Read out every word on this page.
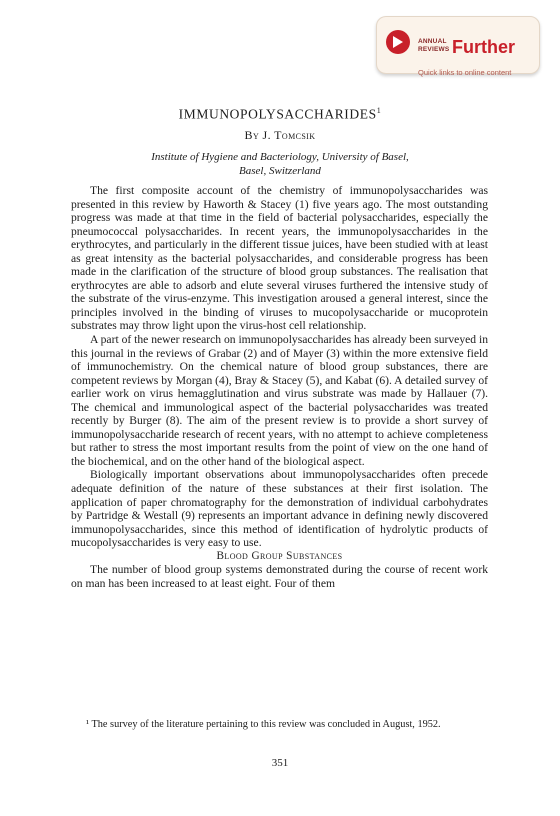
ANNUAL
REVIEWS Further
Quick links to online content
IMMUNOPOLYSACCHARIDES$^1$
By J. Tomcsik
Institute of Hygiene and Bacteriology, University of Basel,
Basel, Switzerland

The first composite account of the chemistry of immunopolysaccharides was presented in this review by Haworth & Stacey (1) five years ago. The most outstanding progress was made at that time in the field of bacterial polysaccharides, especially the pneumococcal polysaccharides. In recent years, the immunopolysaccharides in the erythrocytes, and particularly in the different tissue juices, have been studied with at least as great intensity as the bacterial polysaccharides, and considerable progress has been made in the clarification of the structure of blood group substances. The realisation that erythrocytes are able to adsorb and elute several viruses furthered the intensive study of the substrate of the virus-enzyme. This investigation aroused a general interest, since the principles involved in the binding of viruses to mucopolysaccharide or mucoprotein substrates may throw light upon the virus-host cell relationship.

A part of the newer research on immunopolysaccharides has already been surveyed in this journal in the reviews of Grabar (2) and of Mayer (3) within the more extensive field of immunochemistry. On the chemical nature of blood group substances, there are competent reviews by Morgan (4), Bray & Stacey (5), and Kabat (6). A detailed survey of earlier work on virus hemagglutination and virus substrate was made by Hallauer (7). The chemical and immunological aspect of the bacterial polysaccharides was treated recently by Burger (8). The aim of the present review is to provide a short survey of immunopolysaccharide research of recent years, with no attempt to achieve completeness but rather to stress the most important results from the point of view on the one hand of the biochemical, and on the other hand of the biological aspect.

Biologically important observations about immunopolysaccharides often precede adequate definition of the nature of these substances at their first isolation. The application of paper chromatography for the demonstration of individual carbohydrates by Partridge & Westall (9) represents an important advance in defining newly discovered immunopolysaccharides, since this method of identification of hydrolytic products of mucopolysaccharides is very easy to use.

Blood Group Substances

The number of blood group systems demonstrated during the course of recent work on man has been increased to at least eight. Four of them

¹ The survey of the literature pertaining to this review was concluded in August, 1952.
351
